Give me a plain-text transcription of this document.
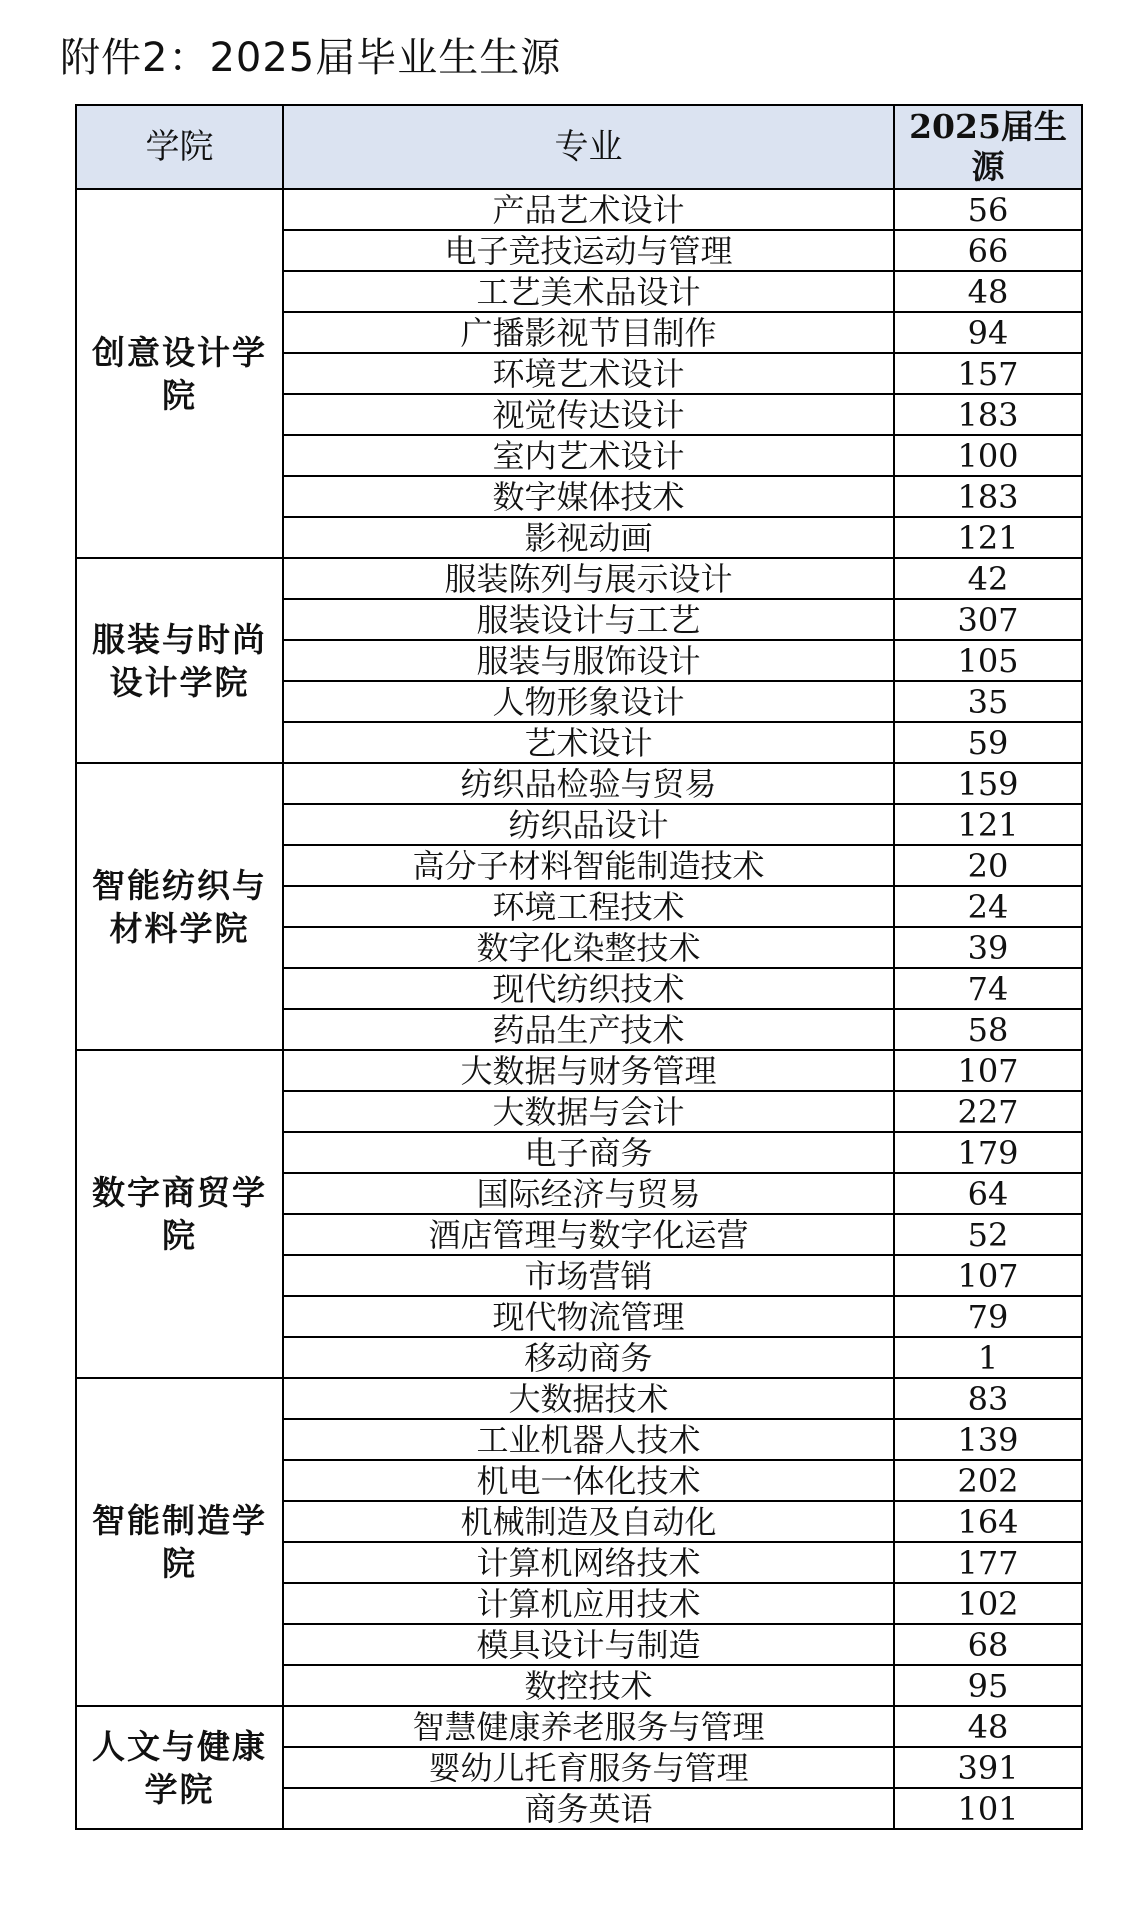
附件2：2025届毕业生生源
学院	专业	2025届生源
创意设计学院	产品艺术设计	56
	电子竞技运动与管理	66
	工艺美术品设计	48
	广播影视节目制作	94
	环境艺术设计	157
	视觉传达设计	183
	室内艺术设计	100
	数字媒体技术	183
	影视动画	121
服装与时尚设计学院	服装陈列与展示设计	42
	服装设计与工艺	307
	服装与服饰设计	105
	人物形象设计	35
	艺术设计	59
智能纺织与材料学院	纺织品检验与贸易	159
	纺织品设计	121
	高分子材料智能制造技术	20
	环境工程技术	24
	数字化染整技术	39
	现代纺织技术	74
	药品生产技术	58
数字商贸学院	大数据与财务管理	107
	大数据与会计	227
	电子商务	179
	国际经济与贸易	64
	酒店管理与数字化运营	52
	市场营销	107
	现代物流管理	79
	移动商务	1
智能制造学院	大数据技术	83
	工业机器人技术	139
	机电一体化技术	202
	机械制造及自动化	164
	计算机网络技术	177
	计算机应用技术	102
	模具设计与制造	68
	数控技术	95
人文与健康学院	智慧健康养老服务与管理	48
	婴幼儿托育服务与管理	391
	商务英语	101
